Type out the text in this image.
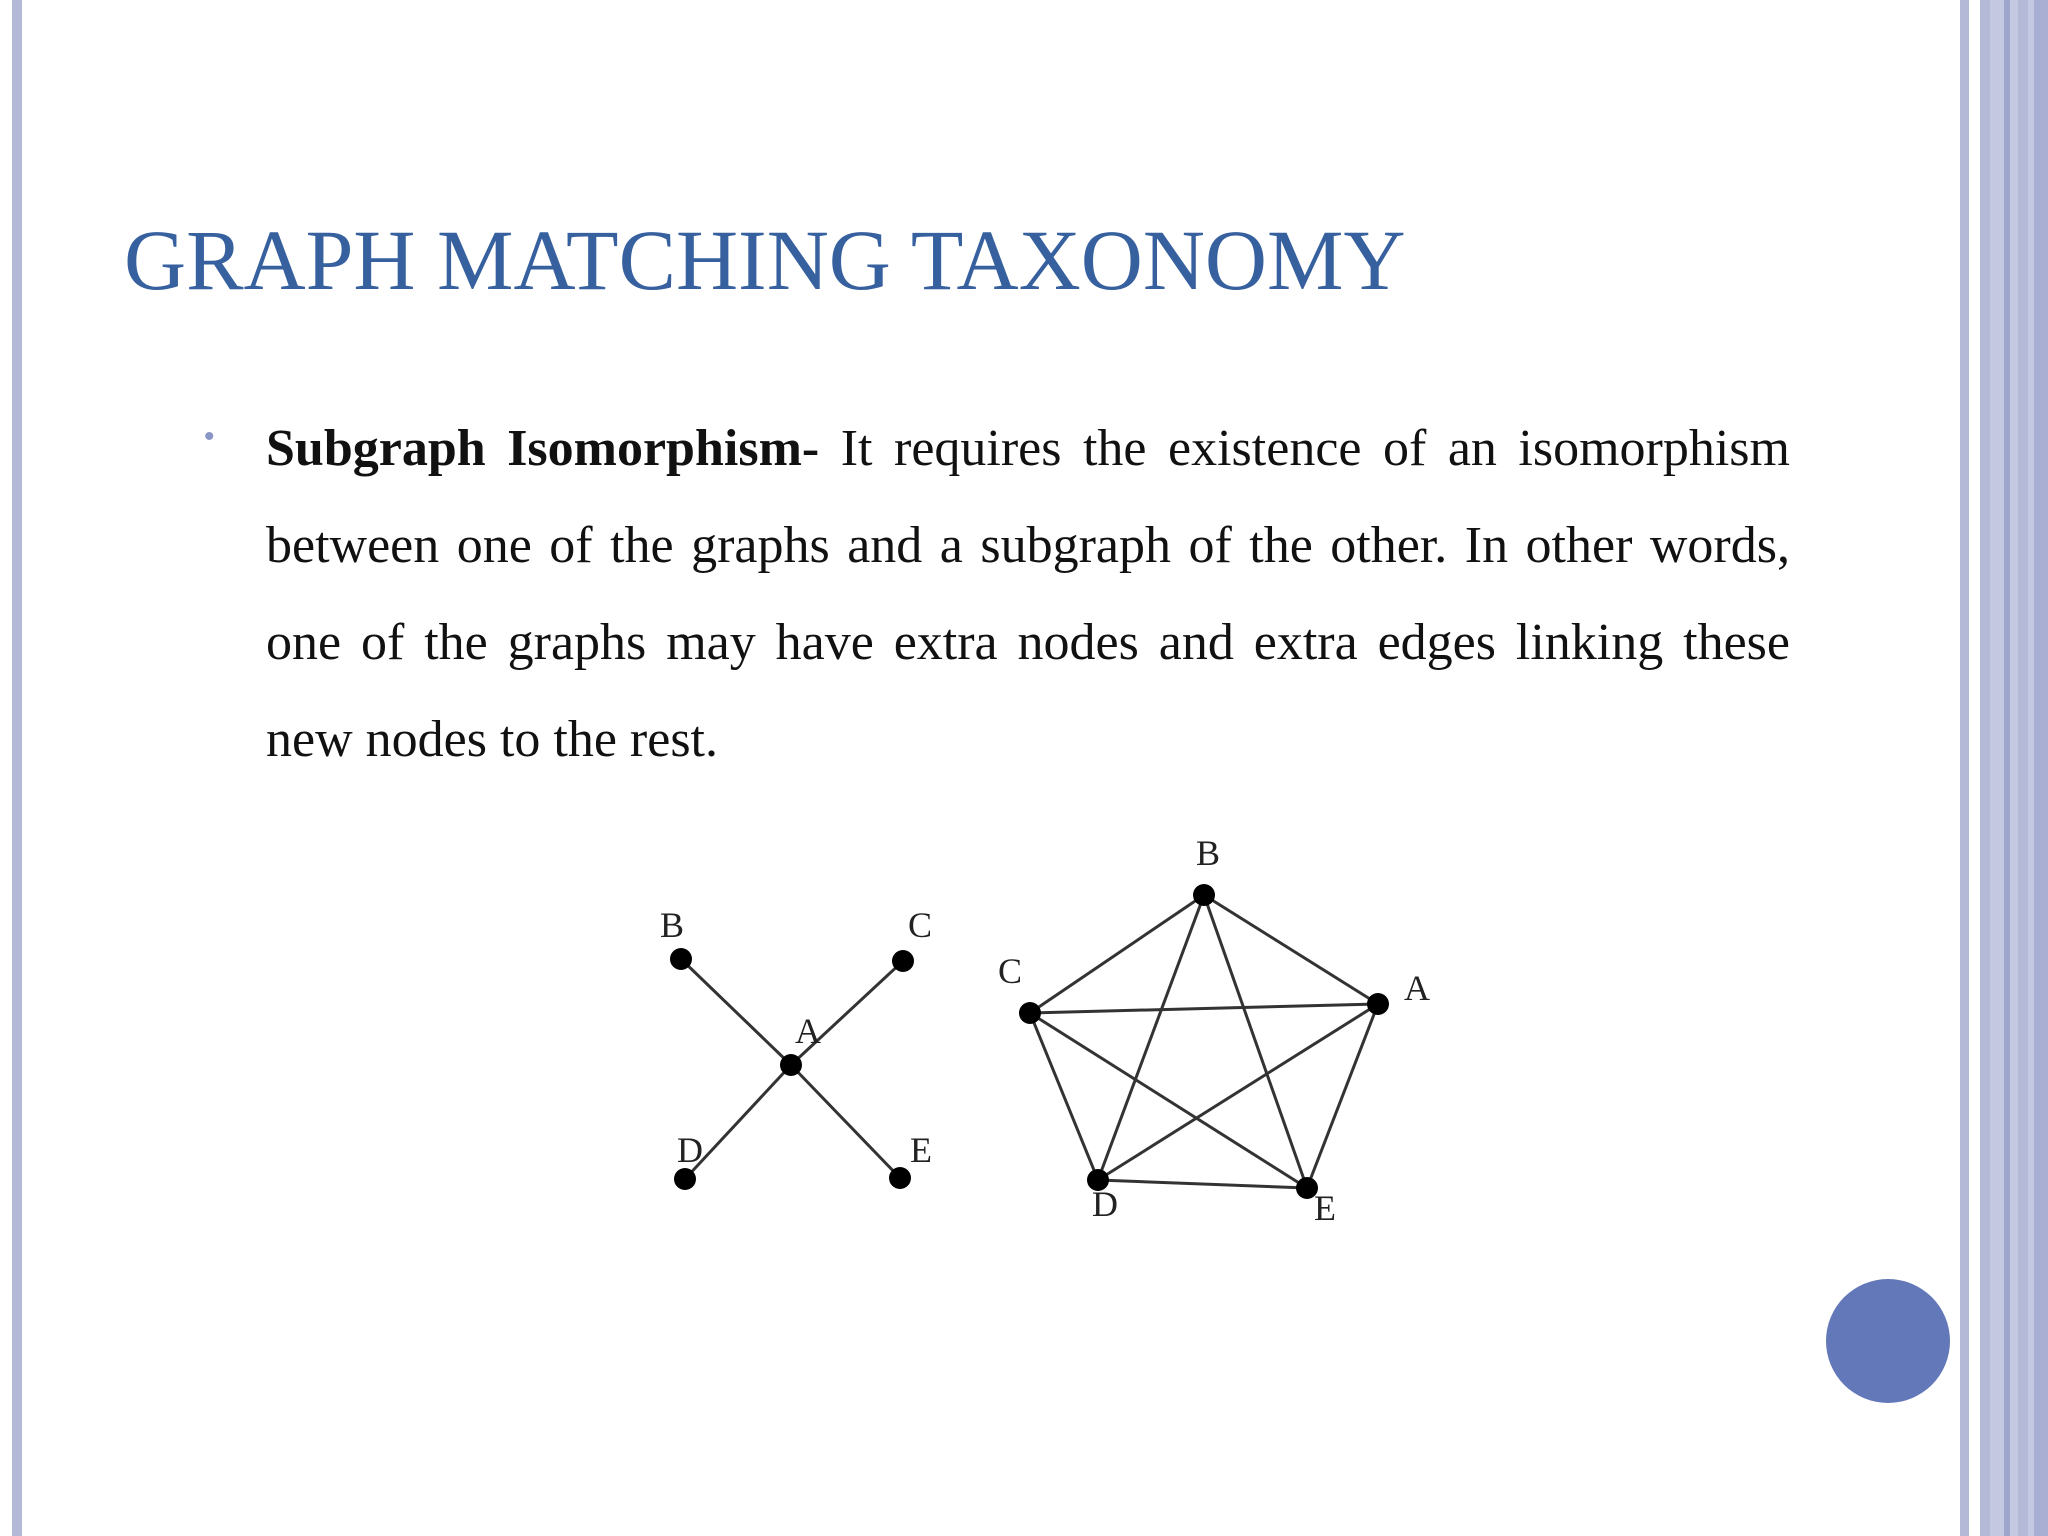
GRAPH MATCHING TAXONOMY
• Subgraph Isomorphism- It requires the existence of an isomorphism between one of the graphs and a subgraph of the other. In other words, one of the graphs may have extra nodes and extra edges linking these new nodes to the rest.
B	C
A
D	E
B
C	A
D	E
